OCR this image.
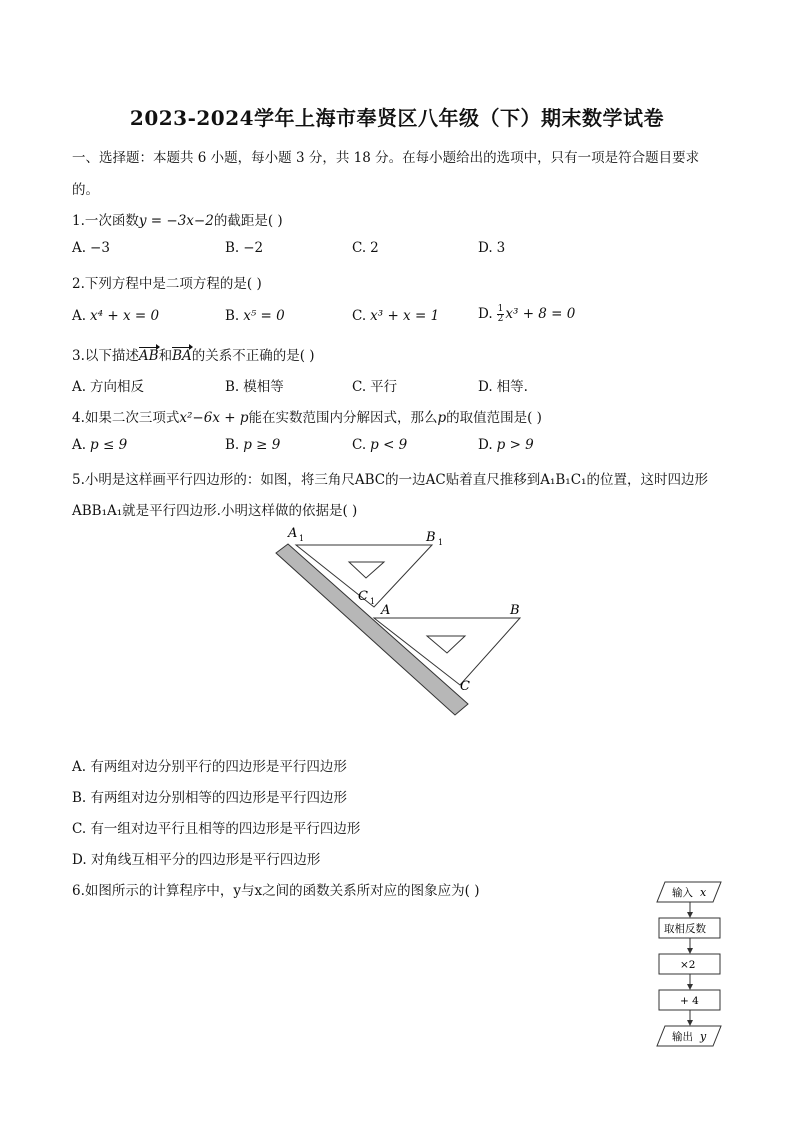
2023-2024学年上海市奉贤区八年级（下）期末数学试卷
一、选择题：本题共 6 小题，每小题 3 分，共 18 分。在每小题给出的选项中，只有一项是符合题目要求
的。
1.一次函数y = −3x−2的截距是( )
A. −3	B. −2	C. 2	D. 3
2.下列方程中是二项方程的是( )
A. x⁴ + x = 0	B. x⁵ = 0	C. x³ + x = 1	D. $\frac{1}{2} x^3 + 8 = 0$
3.以下描述AB和BA的关系不正确的是( )
A. 方向相反	B. 模相等	C. 平行	D. 相等.
4.如果二次三项式x²−6x + p能在实数范围内分解因式，那么p的取值范围是( )
A. p ≤ 9	B. p ≥ 9	C. p < 9	D. p > 9
5.小明是这样画平行四边形的：如图，将三角尺ABC的一边AC贴着直尺推移到A₁B₁C₁的位置，这时四边形
ABB₁A₁就是平行四边形.小明这样做的依据是( )
A 1	B 1
C 1
A	B
C
A. 有两组对边分别平行的四边形是平行四边形
B. 有两组对边分别相等的四边形是平行四边形
C. 有一组对边平行且相等的四边形是平行四边形
D. 对角线互相平分的四边形是平行四边形
6.如图所示的计算程序中，y与x之间的函数关系所对应的图象应为( )	输入 x
取相反数
×2
+ 4
输出 y
